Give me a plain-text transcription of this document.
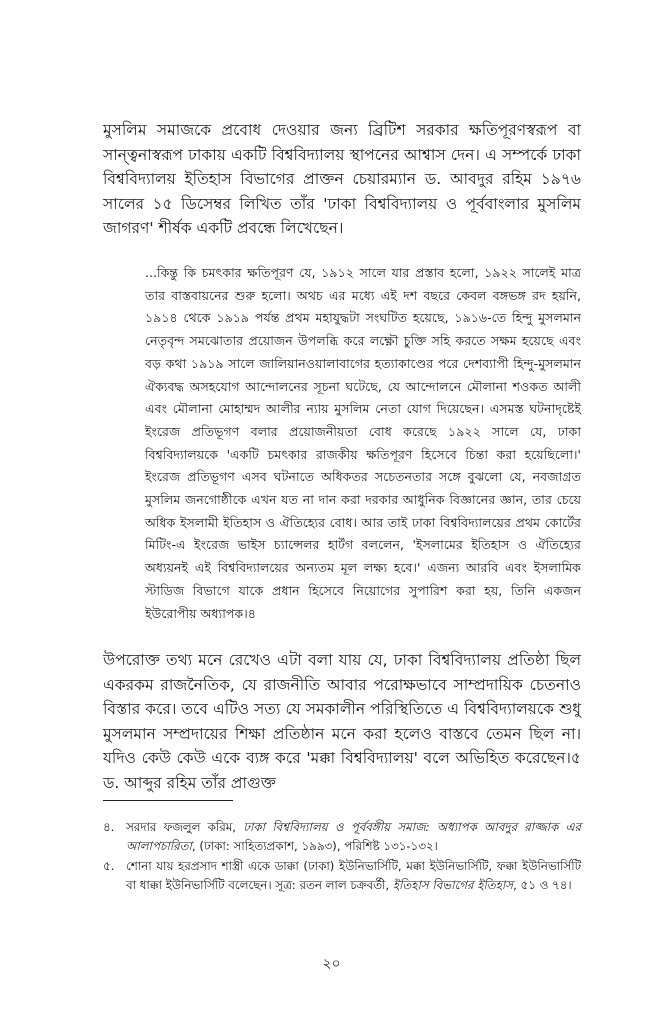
মুসলিম সমাজকে প্রবোধ দেওয়ার জন্য ব্রিটিশ সরকার ক্ষতিপূরণস্বরূপ বা সান্ত্বনাস্বরূপ ঢাকায় একটি বিশ্ববিদ্যালয় স্থাপনের আশ্বাস দেন। এ সম্পর্কে ঢাকা বিশ্ববিদ্যালয় ইতিহাস বিভাগের প্রাক্তন চেয়ারম্যান ড. আবদুর রহিম ১৯৭৬ সালের ১৫ ডিসেম্বর লিখিত তাঁর 'ঢাকা বিশ্ববিদ্যালয় ও পূর্ববাংলার মুসলিম জাগরণ' শীর্ষক একটি প্রবন্ধে লিখেছেন।

...কিন্তু কি চমৎকার ক্ষতিপূরণ যে, ১৯১২ সালে যার প্রস্তাব হলো, ১৯২২ সালেই মাত্র তার বাস্তবায়নের শুরু হলো। অথচ এর মধ্যে এই দশ বছরে কেবল বঙ্গভঙ্গ রদ হয়নি, ১৯১৪ থেকে ১৯১৯ পর্যন্ত প্রথম মহাযুদ্ধটা সংঘটিত হয়েছে, ১৯১৬-তে হিন্দু মুসলমান নেতৃবৃন্দ সমঝোতার প্রয়োজন উপলব্ধি করে লক্ষ্ণৌ চুক্তি সহি করতে সক্ষম হয়েছে এবং বড় কথা ১৯১৯ সালে জালিয়ানওয়ালাবাগের হত্যাকাণ্ডের পরে দেশব্যাপী হিন্দু-মুসলমান ঐক্যবদ্ধ অসহযোগ আন্দোলনের সূচনা ঘটেছে, যে আন্দোলনে মৌলানা শওকত আলী এবং মৌলানা মোহাম্মদ আলীর ন্যায় মুসলিম নেতা যোগ দিয়েছেন। এসমস্ত ঘটনাদৃষ্টেই ইংরেজ প্রতিভূগণ বলার প্রয়োজনীয়তা বোধ করেছে ১৯২২ সালে যে, ঢাকা বিশ্ববিদ্যালয়কে 'একটি চমৎকার রাজকীয় ক্ষতিপূরণ হিসেবে চিন্তা করা হয়েছিলো।' ইংরেজ প্রতিভূগণ এসব ঘটনাতে অধিকতর সচেতনতার সঙ্গে বুঝলো যে, নবজাগ্রত মুসলিম জনগোষ্ঠীকে এখন যত না দান করা দরকার আধুনিক বিজ্ঞানের জ্ঞান, তার চেয়ে অধিক ইসলামী ইতিহাস ও ঐতিহ্যের বোধ। আর তাই ঢাকা বিশ্ববিদ্যালয়ের প্রথম কোর্টের মিটিং-এ ইংরেজ ভাইস চ্যান্সেলর হার্টগ বললেন, 'ইসলামের ইতিহাস ও ঐতিহ্যের অধ্যয়নই এই বিশ্ববিদ্যালয়ের অন্যতম মূল লক্ষ্য হবে।' এজন্য আরবি এবং ইসলামিক স্টাডিজ বিভাগে যাকে প্রধান হিসেবে নিয়োগের সুপারিশ করা হয়, তিনি একজন ইউরোপীয় অধ্যাপক।৪

উপরোক্ত তথ্য মনে রেখেও এটা বলা যায় যে, ঢাকা বিশ্ববিদ্যালয় প্রতিষ্ঠা ছিল একরকম রাজনৈতিক, যে রাজনীতি আবার পরোক্ষভাবে সাম্প্রদায়িক চেতনাও বিস্তার করে। তবে এটিও সত্য যে সমকালীন পরিস্থিতিতে এ বিশ্ববিদ্যালয়কে শুধু মুসলমান সম্প্রদায়ের শিক্ষা প্রতিষ্ঠান মনে করা হলেও বাস্তবে তেমন ছিল না। যদিও কেউ কেউ একে ব্যঙ্গ করে 'মক্কা বিশ্ববিদ্যালয়' বলে অভিহিত করেছেন।৫ ড. আব্দুর রহিম তাঁর প্রাগুক্ত

৪. সরদার ফজলুল করিম, ঢাকা বিশ্ববিদ্যালয় ও পূর্ববঙ্গীয় সমাজ: অধ্যাপক আবদুর রাজ্জাক এর আলাপচারিতা, (ঢাকা: সাহিত্যপ্রকাশ, ১৯৯৩), পরিশিষ্ট ১৩১-১৩২।
৫. শোনা যায় হরপ্রসাদ শাস্ত্রী একে ডাক্কা (ঢাকা) ইউনিভার্সিটি, মক্কা ইউনিভার্সিটি, ফক্কা ইউনিভার্সিটি বা ধাক্কা ইউনিভার্সিটি বলেছেন। সূত্র: রতন লাল চক্রবর্তী, ইতিহাস বিভাগের ইতিহাস, ৫১ ও ৭৪।
২০
